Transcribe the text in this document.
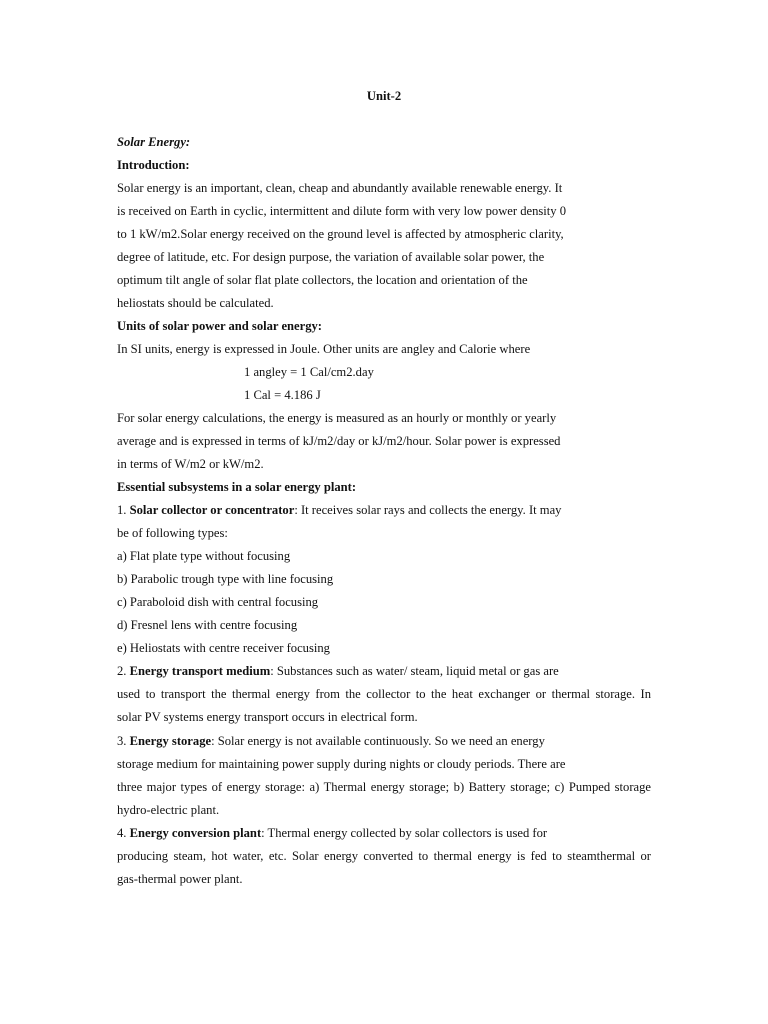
Unit-2
Solar Energy:
Introduction:
Solar energy is an important, clean, cheap and abundantly available renewable energy. It
is received on Earth in cyclic, intermittent and dilute form with very low power density 0
to 1 kW/m2.Solar energy received on the ground level is affected by atmospheric clarity,
degree of latitude, etc. For design purpose, the variation of available solar power, the
optimum tilt angle of solar flat plate collectors, the location and orientation of the
heliostats should be calculated.
Units of solar power and solar energy:
In SI units, energy is expressed in Joule. Other units are angley and Calorie where
1 angley = 1 Cal/cm2.day
1 Cal = 4.186 J
For solar energy calculations, the energy is measured as an hourly or monthly or yearly
average and is expressed in terms of kJ/m2/day or kJ/m2/hour. Solar power is expressed
in terms of W/m2 or kW/m2.
Essential subsystems in a solar energy plant:
1. Solar collector or concentrator: It receives solar rays and collects the energy. It may
be of following types:
a) Flat plate type without focusing
b) Parabolic trough type with line focusing
c) Paraboloid dish with central focusing
d) Fresnel lens with centre focusing
e) Heliostats with centre receiver focusing
2. Energy transport medium: Substances such as water/ steam, liquid metal or gas are
used to transport the thermal energy from the collector to the heat exchanger or thermal storage. In
solar PV systems energy transport occurs in electrical form.
3. Energy storage: Solar energy is not available continuously. So we need an energy
storage medium for maintaining power supply during nights or cloudy periods. There are
three major types of energy storage: a) Thermal energy storage; b) Battery storage; c) Pumped storage
hydro-electric plant.
4. Energy conversion plant: Thermal energy collected by solar collectors is used for
producing steam, hot water, etc. Solar energy converted to thermal energy is fed to steamthermal or
gas-thermal power plant.
